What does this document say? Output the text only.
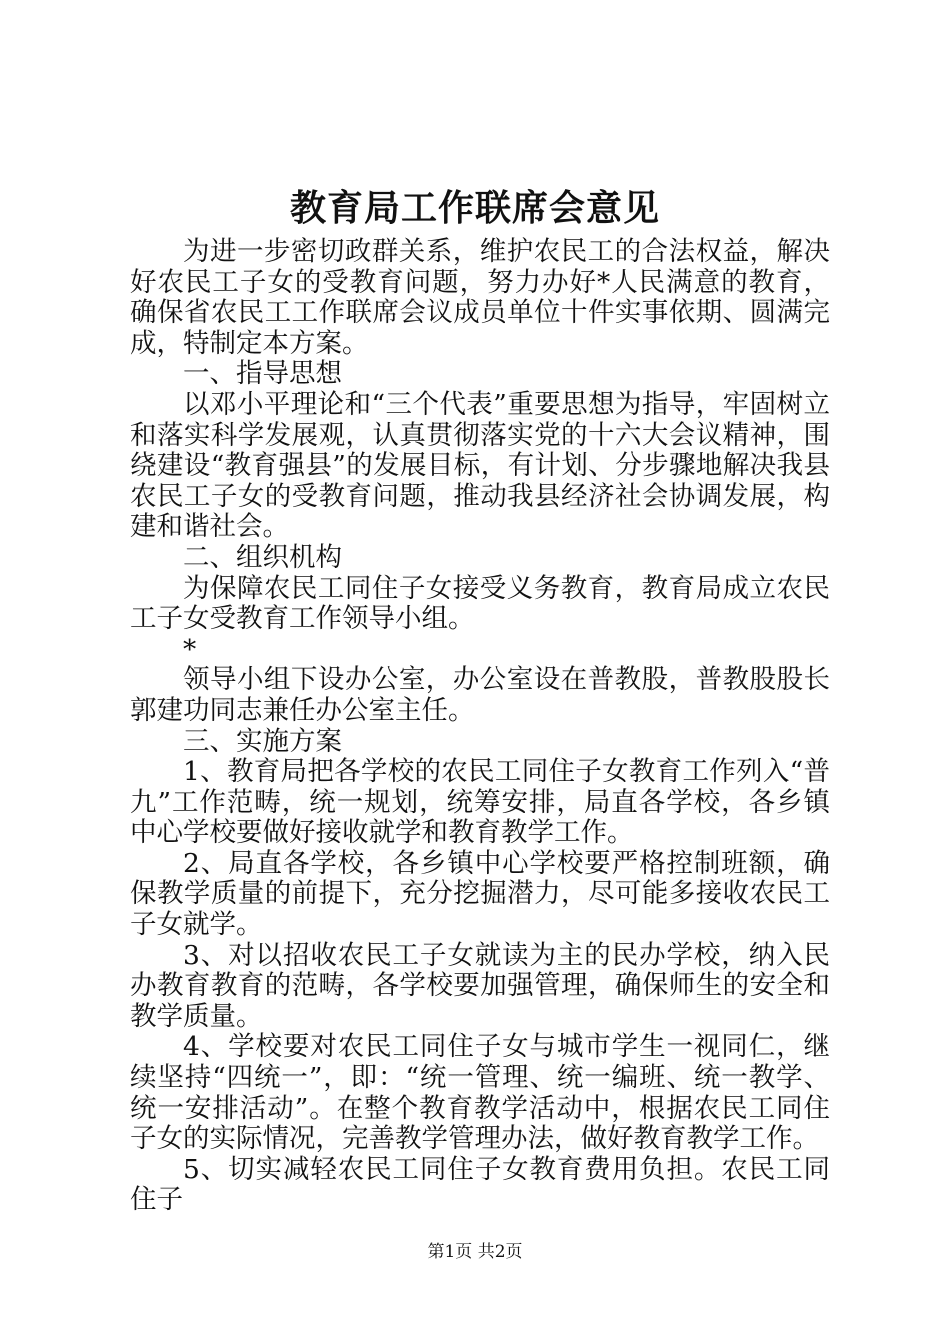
教育局工作联席会意见

为进一步密切政群关系，维护农民工的合法权益，解决好农民工子女的受教育问题，努力办好*人民满意的教育，确保省农民工工作联席会议成员单位十件实事依期、圆满完成，特制定本方案。

一、指导思想

以邓小平理论和“三个代表”重要思想为指导，牢固树立和落实科学发展观，认真贯彻落实党的十六大会议精神，围绕建设“教育强县”的发展目标，有计划、分步骤地解决我县农民工子女的受教育问题，推动我县经济社会协调发展，构建和谐社会。

二、组织机构

为保障农民工同住子女接受义务教育，教育局成立农民工子女受教育工作领导小组。

*

领导小组下设办公室，办公室设在普教股，普教股股长郭建功同志兼任办公室主任。

三、实施方案

1、教育局把各学校的农民工同住子女教育工作列入“普九”工作范畴，统一规划，统筹安排，局直各学校，各乡镇中心学校要做好接收就学和教育教学工作。

2、局直各学校，各乡镇中心学校要严格控制班额，确保教学质量的前提下，充分挖掘潜力，尽可能多接收农民工子女就学。

3、对以招收农民工子女就读为主的民办学校，纳入民办教育教育的范畴，各学校要加强管理，确保师生的安全和教学质量。

4、学校要对农民工同住子女与城市学生一视同仁，继续坚持“四统一”，即：“统一管理、统一编班、统一教学、统一安排活动”。在整个教育教学活动中，根据农民工同住子女的实际情况，完善教学管理办法，做好教育教学工作。

5、切实减轻农民工同住子女教育费用负担。农民工同住子

第1页 共2页
